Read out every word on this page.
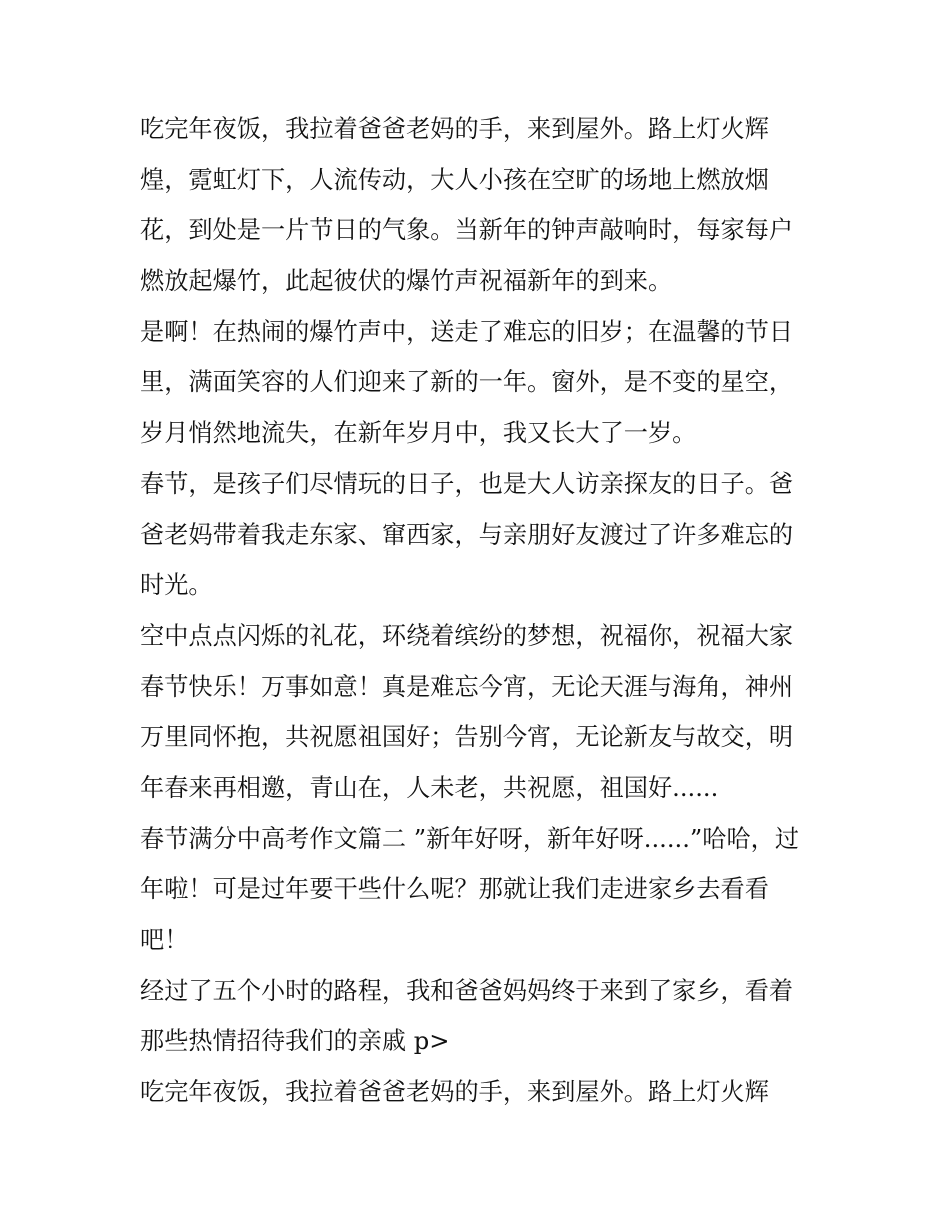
吃完年夜饭，我拉着爸爸老妈的手，来到屋外。路上灯火辉
煌，霓虹灯下，人流传动，大人小孩在空旷的场地上燃放烟
花，到处是一片节日的气象。当新年的钟声敲响时，每家每户
燃放起爆竹，此起彼伏的爆竹声祝福新年的到来。
是啊！在热闹的爆竹声中，送走了难忘的旧岁；在温馨的节日
里，满面笑容的人们迎来了新的一年。窗外，是不变的星空，
岁月悄然地流失，在新年岁月中，我又长大了一岁。
春节，是孩子们尽情玩的日子，也是大人访亲探友的日子。爸
爸老妈带着我走东家、窜西家，与亲朋好友渡过了许多难忘的
时光。
空中点点闪烁的礼花，环绕着缤纷的梦想，祝福你，祝福大家
春节快乐！万事如意！真是难忘今宵，无论天涯与海角，神州
万里同怀抱，共祝愿祖国好；告别今宵，无论新友与故交，明
年春来再相邀，青山在，人未老，共祝愿，祖国好......
春节满分中高考作文篇二 ”新年好呀，新年好呀......”哈哈，过
年啦！可是过年要干些什么呢？那就让我们走进家乡去看看
吧！
经过了五个小时的路程，我和爸爸妈妈终于来到了家乡，看着
那些热情招待我们的亲戚 p>
吃完年夜饭，我拉着爸爸老妈的手，来到屋外。路上灯火辉
